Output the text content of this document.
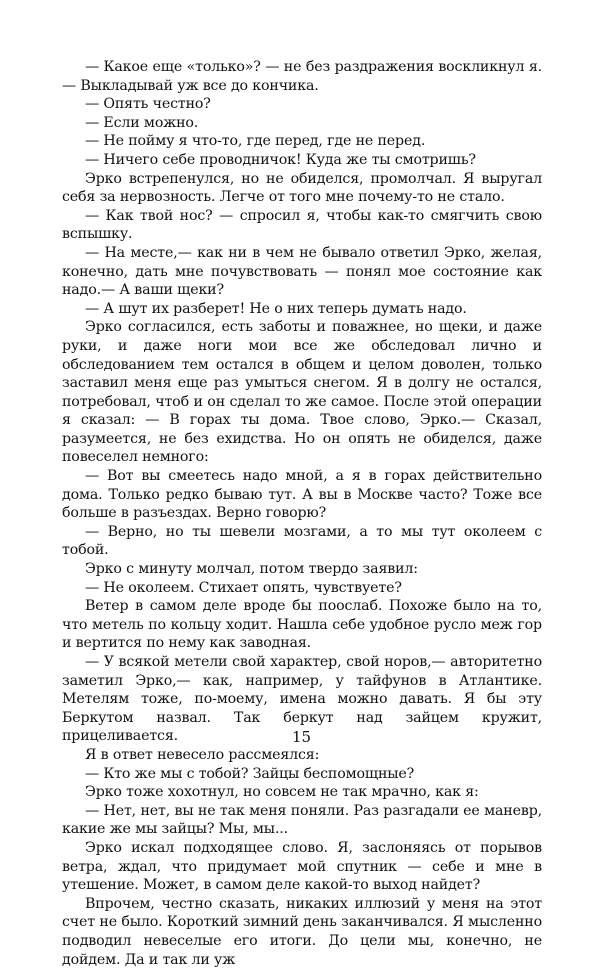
— Какое еще «только»? — не без раздражения воскликнул я.— Выкладывай уж все до кончика.

— Опять честно?

— Если можно.

— Не пойму я что-то, где перед, где не перед.

— Ничего себе проводничок! Куда же ты смотришь?

Эрко встрепенулся, но не обиделся, промолчал. Я выругал себя за нервозность. Легче от того мне почему-то не стало.

— Как твой нос? — спросил я, чтобы как-то смягчить свою вспышку.

— На месте,— как ни в чем не бывало ответил Эрко, желая, конечно, дать мне почувствовать — понял мое состояние как надо.— А ваши щеки?

— А шут их разберет! Не о них теперь думать надо.

Эрко согласился, есть заботы и поважнее, но щеки, и даже руки, и даже ноги мои все же обследовал лично и обследованием тем остался в общем и целом доволен, только заставил меня еще раз умыться снегом. Я в долгу не остался, потребовал, чтоб и он сделал то же самое. После этой операции я сказал: — В горах ты дома. Твое слово, Эрко.— Сказал, разумеется, не без ехидства. Но он опять не обиделся, даже повеселел немного:

— Вот вы смеетесь надо мной, а я в горах действительно дома. Только редко бываю тут. А вы в Москве часто? Тоже все больше в разъездах. Верно говорю?

— Верно, но ты шевели мозгами, а то мы тут околеем с тобой.

Эрко с минуту молчал, потом твердо заявил:

— Не околеем. Стихает опять, чувствуете?

Ветер в самом деле вроде бы пооcлаб. Похоже было на то, что метель по кольцу ходит. Нашла себе удобное русло меж гор и вертится по нему как заводная.

— У всякой метели свой характер, свой норов,— авторитетно заметил Эрко,— как, например, у тайфунов в Атлантике. Метелям тоже, по-моему, имена можно давать. Я бы эту Беркутом назвал. Так беркут над зайцем кружит, прицеливается.

Я в ответ невесело рассмеялся:

— Кто же мы с тобой? Зайцы беспомощные?

Эрко тоже хохотнул, но совсем не так мрачно, как я:

— Нет, нет, вы не так меня поняли. Раз разгадали ее маневр, какие же мы зайцы? Мы, мы...

Эрко искал подходящее слово. Я, заслоняясь от порывов ветра, ждал, что придумает мой спутник — себе и мне в утешение. Может, в самом деле какой-то выход найдет?

Впрочем, честно сказать, никаких иллюзий у меня на этот счет не было. Короткий зимний день заканчивался. Я мысленно подводил невеселые его итоги. До цели мы, конечно, не дойдем. Да и так ли уж

15
